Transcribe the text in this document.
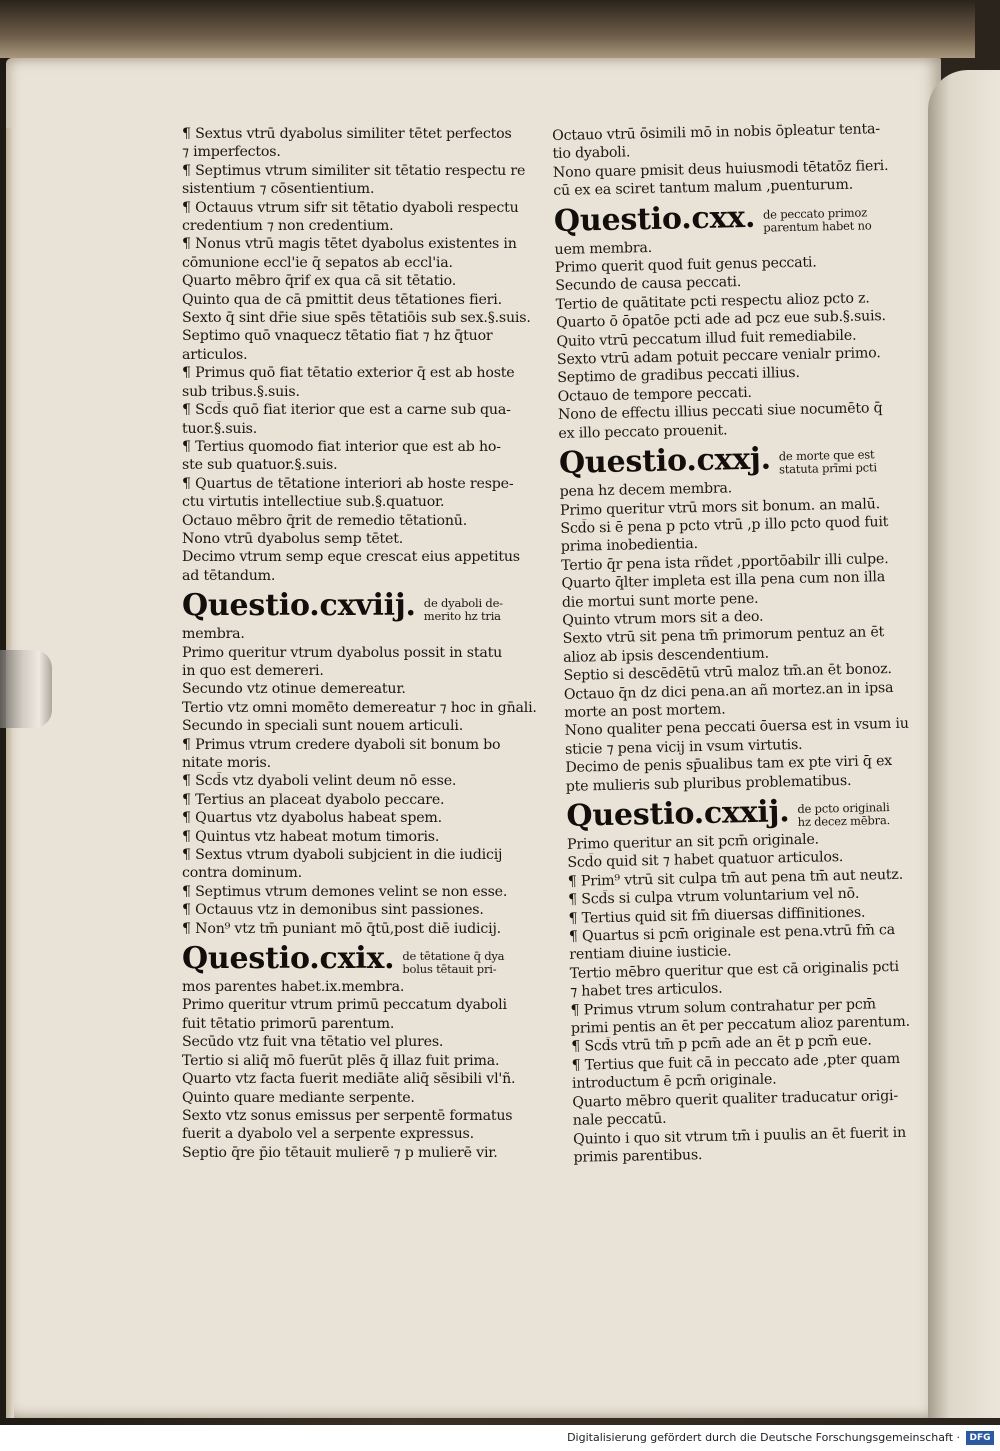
¶ Sextus vtrū dyabolus similiter tētet perfectos
⁊ imperfectos.
¶ Septimus vtrum similiter sit tētatio respectu re
sistentium ⁊ cōsentientium.
¶ Octauus vtrum sifr sit tētatio dyaboli respectu
credentium ⁊ non credentium.
¶ Nonus vtrū magis tētet dyabolus existentes in
cōmunione eccl'ie q̄ sepatos ab eccl'ia.
Quarto mēbro q̄rif ex qua cā sit tētatio.
Quinto qua de cā pmittit deus tētationes fieri.
Sexto q̄ sint dr̄ie siue spēs tētatiōis sub sex.§.suis.
Septimo quō vnaquecz tētatio fiat ⁊ hz q̄tuor
articulos.
¶ Primus quō fiat tētatio exterior q̄ est ab hoste
sub tribus.§.suis.
¶ Scd̄s quō fiat iterior que est a carne sub qua-
tuor.§.suis.
¶ Tertius quomodo fiat interior que est ab ho-
ste sub quatuor.§.suis.
¶ Quartus de tētatione interiori ab hoste respe-
ctu virtutis intellectiue sub.§.quatuor.
Octauo mēbro q̄rit de remedio tētationū.
Nono vtrū dyabolus semp tētet.
Decimo vtrum semp eque crescat eius appetitus
ad tētandum.
Questio.cxviij. de dyaboli de-
merito hz tria
membra.
Primo queritur vtrum dyabolus possit in statu
in quo est demereri.
Secundo vtz otinue demereatur.
Tertio vtz omni momēto demereatur ⁊ hoc in gn̄ali.
Secundo in speciali sunt nouem articuli.
¶ Primus vtrum credere dyaboli sit bonum bo
nitate moris.
¶ Scd̄s vtz dyaboli velint deum nō esse.
¶ Tertius an placeat dyabolo peccare.
¶ Quartus vtz dyabolus habeat spem.
¶ Quintus vtz habeat motum timoris.
¶ Sextus vtrum dyaboli subjcient in die iudicij
contra dominum.
¶ Septimus vtrum demones velint se non esse.
¶ Octauus vtz in demonibus sint passiones.
¶ Non⁹ vtz tm̄ puniant mō q̄tū,post diē iudicij.
Questio.cxix. de tētatione q̄ dya
bolus tētauit pri-
mos parentes habet.ix.membra.
Primo queritur vtrum primū peccatum dyaboli
fuit tētatio primorū parentum.
Secūdo vtz fuit vna tētatio vel plures.
Tertio si aliq̄ mō fuerūt plēs q̄ illaz fuit prima.
Quarto vtz facta fuerit mediāte aliq̄ sēsibili vl'ñ.
Quinto quare mediante serpente.
Sexto vtz sonus emissus per serpentē formatus
fuerit a dyabolo vel a serpente expressus.
Septio q̄re p̄io tētauit mulierē ⁊ p mulierē vir.
Octauo vtrū ōsimili mō in nobis ōpleatur tenta-
tio dyaboli.
Nono quare pmisit deus huiusmodi tētatōz fieri.
cū ex ea sciret tantum malum ,puenturum.
Questio.cxx. de peccato primoz
parentum habet no
uem membra.
Primo querit quod fuit genus peccati.
Secundo de causa peccati.
Tertio de quātitate pcti respectu alioz pcto z.
Quarto ō ōpatōe pcti ade ad pcz eue sub.§.suis.
Quito vtrū peccatum illud fuit remediabile.
Sexto vtrū adam potuit peccare venialr primo.
Septimo de gradibus peccati illius.
Octauo de tempore peccati.
Nono de effectu illius peccati siue nocumēto q̄
ex illo peccato prouenit.
Questio.cxxj. de morte que est
statuta prīmi pcti
pena hz decem membra.
Primo queritur vtrū mors sit bonum. an malū.
Scd̄o si ē pena p pcto vtrū ,p illo pcto quod fuit
prima inobedientia.
Tertio q̄r pena ista rñdet ,pportōabilr illi culpe.
Quarto q̄lter impleta est illa pena cum non illa
die mortui sunt morte pene.
Quinto vtrum mors sit a deo.
Sexto vtrū sit pena tm̄ primorum pentuz an ēt
alioz ab ipsis descendentium.
Septio si descēdētū vtrū maloz tm̄.an ēt bonoz.
Octauo q̄n dz dici pena.an añ mortez.an in ipsa
morte an post mortem.
Nono qualiter pena peccati ōuersa est in vsum iu
sticie ⁊ pena vicij in vsum virtutis.
Decimo de penis sp̄ualibus tam ex pte viri q̄ ex
pte mulieris sub pluribus problematibus.
Questio.cxxij. de pcto originali
hz decez mēbra.
Primo queritur an sit pcm̄ originale.
Scd̄o quid sit ⁊ habet quatuor articulos.
¶ Prim⁹ vtrū sit culpa tm̄ aut pena tm̄ aut neutz.
¶ Scd̄s si culpa vtrum voluntarium vel nō.
¶ Tertius quid sit fm̄ diuersas diffinitiones.
¶ Quartus si pcm̄ originale est pena.vtrū fm̄ ca
rentiam diuine iusticie.
Tertio mēbro queritur que est cā originalis pcti
⁊ habet tres articulos.
¶ Primus vtrum solum contrahatur per pcm̄
primi pentis an ēt per peccatum alioz parentum.
¶ Scd̄s vtrū tm̄ p pcm̄ ade an ēt p pcm̄ eue.
¶ Tertius que fuit cā in peccato ade ,pter quam
introductum ē pcm̄ originale.
Quarto mēbro querit qualiter traducatur origi-
nale peccatū.
Quinto i quo sit vtrum tm̄ i puulis an ēt fuerit in
primis parentibus.
Digitalisierung gefördert durch die Deutsche Forschungsgemeinschaft ·	DFG
